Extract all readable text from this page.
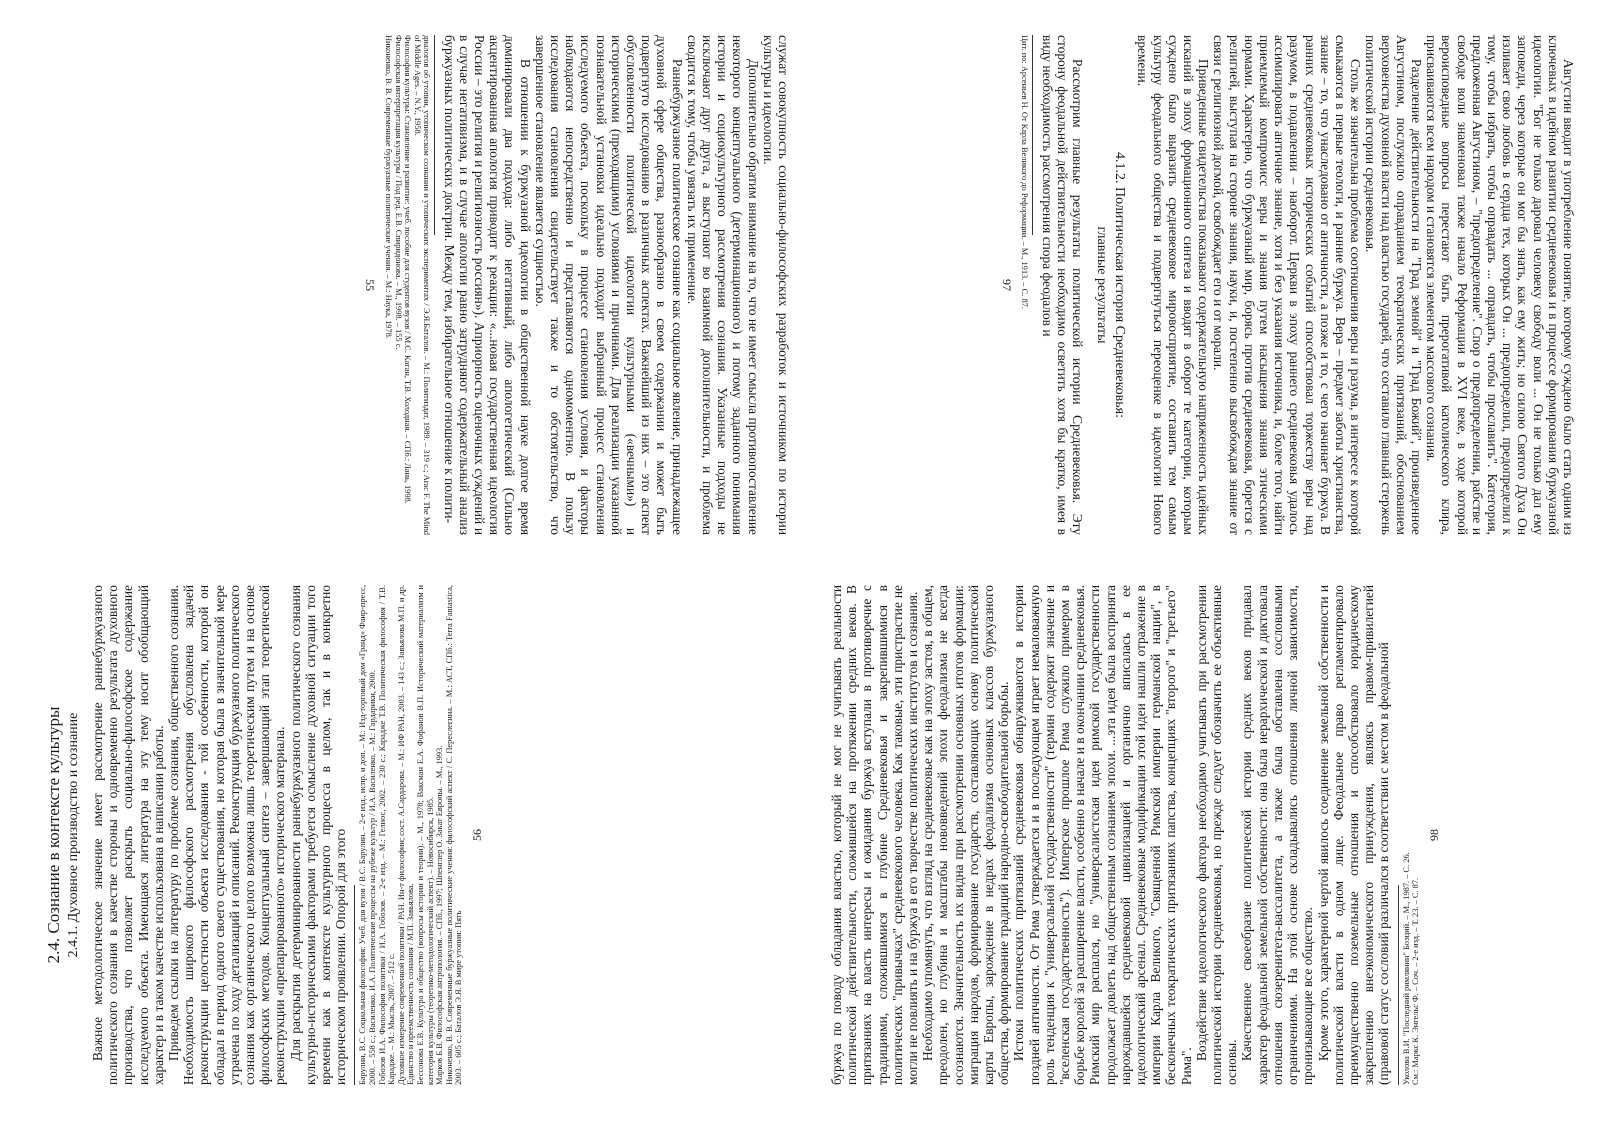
служат совокупность социально-философских разработок и источником по истории культуры и идеологии.

Дополнительно обратим внимание на то, что не имеет смысла противопоставление некоторого концептуального (детерминационного) и потому заданного понимания истории и социокультурного рассмотрения сознания. Указанные подходы не исключают друг друга, а выступают во взаимной дополнительности, и проблема сводится к тому, чтобы увязать их применение.

Раннебуржуазное политическое сознание как социальное явление, принадлежащее духовной сфере общества, разнообразно в своем содержании и может быть подвергнуто исследованию в различных аспектах. Важнейший из них – это аспект обусловленности политической идеологии культурными («вечными») и историческими (преходящими) условиями и причинами. Для реализации указанной познавательной установки идеально подходит выбранный процесс становления исследуемого объекта, поскольку в процессе становления условия, и факторы наблюдаются непосредственно и представляются одномоментно. В пользу исследования становления свидетельствует также и то обстоятельство, что завершенное становление является сущностью.

В отношении к буржуазной идеологии в общественной науке долгое время доминировали два подхода: либо негативный, либо апологетический (Сильно акцентированная апология приводит к реакции: «...новая государственная идеология России – это религия и религиозность россиян»). Априорность оценочных суждений и в случае негативизма, и в случае апологии равно затрудняют содержательный анализ буржуазных политических доктрин. Между тем, избирательное отношение к полити-

диалогов об утопии, утопическом сознании и утопических экспериментах / Э.Я.Баталов. – М.: Политиздат, 1989. – 319 с.; Arac F. The Mind of Middle Ages. – N.Y., 1958.

Философия культуры: Становление и развитие: учеб. пособие для студентов вузов / М.С. Каган, Т.В. Холодная. – СПб.: Лань, 1998.

Философская интерпретация культуры / Под ред. Е.В. Спиридонова. – М., 1998. – 155 с.

Никоненко, В. В. Современные буржуазные политические учения. – М.: Наука, 1978.

55
2.4. Сознание в контексте культуры 2.4.1. Духовное производство и сознание Важное методологическое значение имеет рассмотрение раннебуржуазного политического сознания в качестве стороны и одновременно результата духовного производства, что позволяет раскрыть социально-философское содержание исследуемого объекта. Имеющаяся литература на эту тему носит обобщающий характер и в таком качестве использована в написании работы. Приведем ссылки на литературу по проблеме сознания, общественного сознания. Необходимость широкого философского рассмотрения обусловлена задачей реконструкции целостности объекта исследования - той особенности, которой он обладал в период одного своего существования, но которая была в значительной мере утрачена по ходу детализаций и описаний. Реконструкция буржуазного политического сознания как органического целого возможна лишь теоретическим путем и на основе философских методов. Концептуальный синтез – завершающий этап теоретической реконструкции «препарированного» исторического материала. Для раскрытия детерминированности раннебуржуазного политического сознания культурно-историческими факторами требуется осмысление духовной ситуации того времени как в контексте культурного процесса в целом, так и в конкретно историческом проявлении. Опорой для этого Барулин, В.С. Социальная философия: Учеб. для вузов / В.С. Барулин. – 2-е изд., испр. и доп. – М.: Изд-торговый дом «Гранд» Фаир-пресс, 2000. – 558 с.; Василенко, И.А. Политические процессы на рубеже культур / И.А. Василенко. – М.: Гардарики, 2000. Гобозов И.А. Философия политики / И.А. Гобозов. – 2-е изд. – М.: Гелиос, 2002. – 230 с.; Карадже Т.В. Политическая философия / Т.В. Карадже. – М.: Мысль, 2007. – 512 с. Духовное измерение современной политики / РАН. Ин-т философии; сост. А.Сардарова. – М.: ИФ РАН, 2003. – 143 с.; Завьялова М.П. и др. Единство и преемственность сознания / М.П. Завьялова. Бессонова Е.В. Культура и общество (вопросы истории и теории). – М., 1978; Ваксман Е.А. Фофанов В.П. Исторический материализм и категория культуры (теоретико-методологический аспект). – Новосибирск, 1985. Марков Б.В. Философская антропология. – СПб., 1997; Шпенглер О. Закат Европы. – М., 1993. Никоненко, В. В. Современные буржуазные политические учения: философский аспект / С. Переслегина. – М.: АСТ, СПб.: Terra Fantastica, 2003. – 605 с.; Баталов Э.Я. В мире утопии: Пять

56

Августин вводит в употребление понятие, которому суждено было стать одним из ключевых в идейном развитии средневековья и в процессе формирования буржуазной идеологии. "Бог не только даровал человеку свободу воли ... Он не только дал ему заповеди, через которые он мог бы знать, как ему жить; но силою Святого Духа Он изливает свою любовь в сердца тех, которых Он ... предопределил, предопределил к тому, чтобы избрать, чтобы оправдать ... оправдать, чтобы прославить". Категория, предложенная Августином, – "предопределение". Спор о предопределении, рабстве и свободе воли знаменовал также начало Реформации в XVI веке, в ходе которой вероисповедные вопросы перестают быть прерогативой католического клира, присваиваются всем народом и становятся элементом массового сознания.

Разделение действительности на "Град земной" и "Град Божий", произведенное Августином, послужило оправданием теократических притязаний, обоснованием верховенства духовной власти над властью государей, что составило главный стержень политической истории средневековья.

Столь же значительна проблема соотношения веры и разума, в интересе к которой смыкаются в первые теологи, и ранние буржуа. Вера – предмет заботы христианства, знание – то, что унаследовано от античности, а позже и то, с чего начинает буржуа. В ранних средневековых исторических событий способствовал торжеству веры над разумом, в подавлении – наоборот. Церкви в эпоху раннего средневековья удалось ассимилировать античное знание, хотя и без указания источника, и, более того, найти приемлемый компромисс веры и знания путем насыщения знания этическими нормами. Характерно, что буржуазный мир, борясь против средневековья, борется с религией, выступая на стороне знания, науки, и, постепенно высвобождая знание от связи с религиозной догмой, освобождает его и от морали.

Приведенные свидетельства показывают содержательную напряженность идейных исканий в эпоху формационного синтеза и вводят в оборот те категории, которым суждено было выразить средневековое мировосприятие, составить тем самым культуру феодального общества и подвергнуться переоценке в идеологии Нового времени.

4.1.2. Политическая история Средневековья:
главные результаты

Рассмотрим главные результаты политической истории Средневековья. Эту сторону феодальной действительности необходимо осветить хотя бы кратко, имея в виду необходимость рассмотрения спора феодалов и

Цит. по: Арсеньев Н. От Карла Великого до Реформации. – М., 1913. – С. 87.

97

буржуа по поводу обладания властью, который не мог не учитывать реальности политической действительности, сложившейся на протяжении средних веков. В притязаниях на власть интересы и ожидания буржуа вступали в противоречие с традициями, сложившимися в глубине Средневековья и закрепившимися в политических "привычках" средневекового человека. Как таковые, эти пристрастие не могли не повлиять и на буржуа в его творчестве политических институтов и сознания. Необходимо упомянуть, что взгляд на средневековье как на эпоху застоя, в общем, преодолен, но глубина и масштабы нововведений эпохи феодализма не всегда осознаются. Значительность их видна при рассмотрении основных итогов формации: миграция народов, формирование государств, составляющих основу политической карты Европы, зарождение в недрах феодализма основных классов буржуазного общества, формирование традиций народно-освободительной борьбы. Истоки политических притязаний средневековья обнаруживаются в истории поздней античности. От Рима утверждается и в последующем играет немаловажную роль тенденция к "универсальной государственности" (термин содержит значение и "вселенская государственность"). Имперское прошлое Рима служило примером в борьбе королей за расширение власти, особенно в начале и в окончании средневековья. Римский мир распался, но "универсалистская идея римской государственности продолжает довлеть над общественным сознанием эпохи. ...эта идея была воспринята нарождавшейся средневековой цивилизацией и органично вписалась в ее идеологический арсенал. Средневековые модификации этой идеи нашли отражение в империи Карла Великого, "Священной Римской империи германской нации", в бесконечных теократических притязаниях папства, концепциях "второго" и "третьего" Рима".

Воздействие идеологического фактора необходимо учитывать при рассмотрении политической истории средневековья, но прежде следует обозначить ее объективные основы.

Качественное своеобразие политической истории средних веков придавал характер феодальной земельной собственности: она была иерархической и диктовала отношения сюзеренитета-вассалитета, а также была обставлена сословными ограничениями. На этой основе складывались отношения личной зависимости, пронизывающие все общество. Кроме этого, характерной чертой явилось соединение земельной собственности и политической власти в одном лице. Феодальное право регламентировало преимущественно поземельные отношения и способствовало юридическому закреплению внеэкономического принуждения, являясь правом-привилегией (правовой статус сословий различался в соответствии с местом в феодальной Уколова В.И. "Последний римлянин" Боэций. – М., 1987. – С. 26. См.: Маркс К. Энгельс Ф. – Соч. – 2-е изд. – Т. 23. – С. 87.

98
